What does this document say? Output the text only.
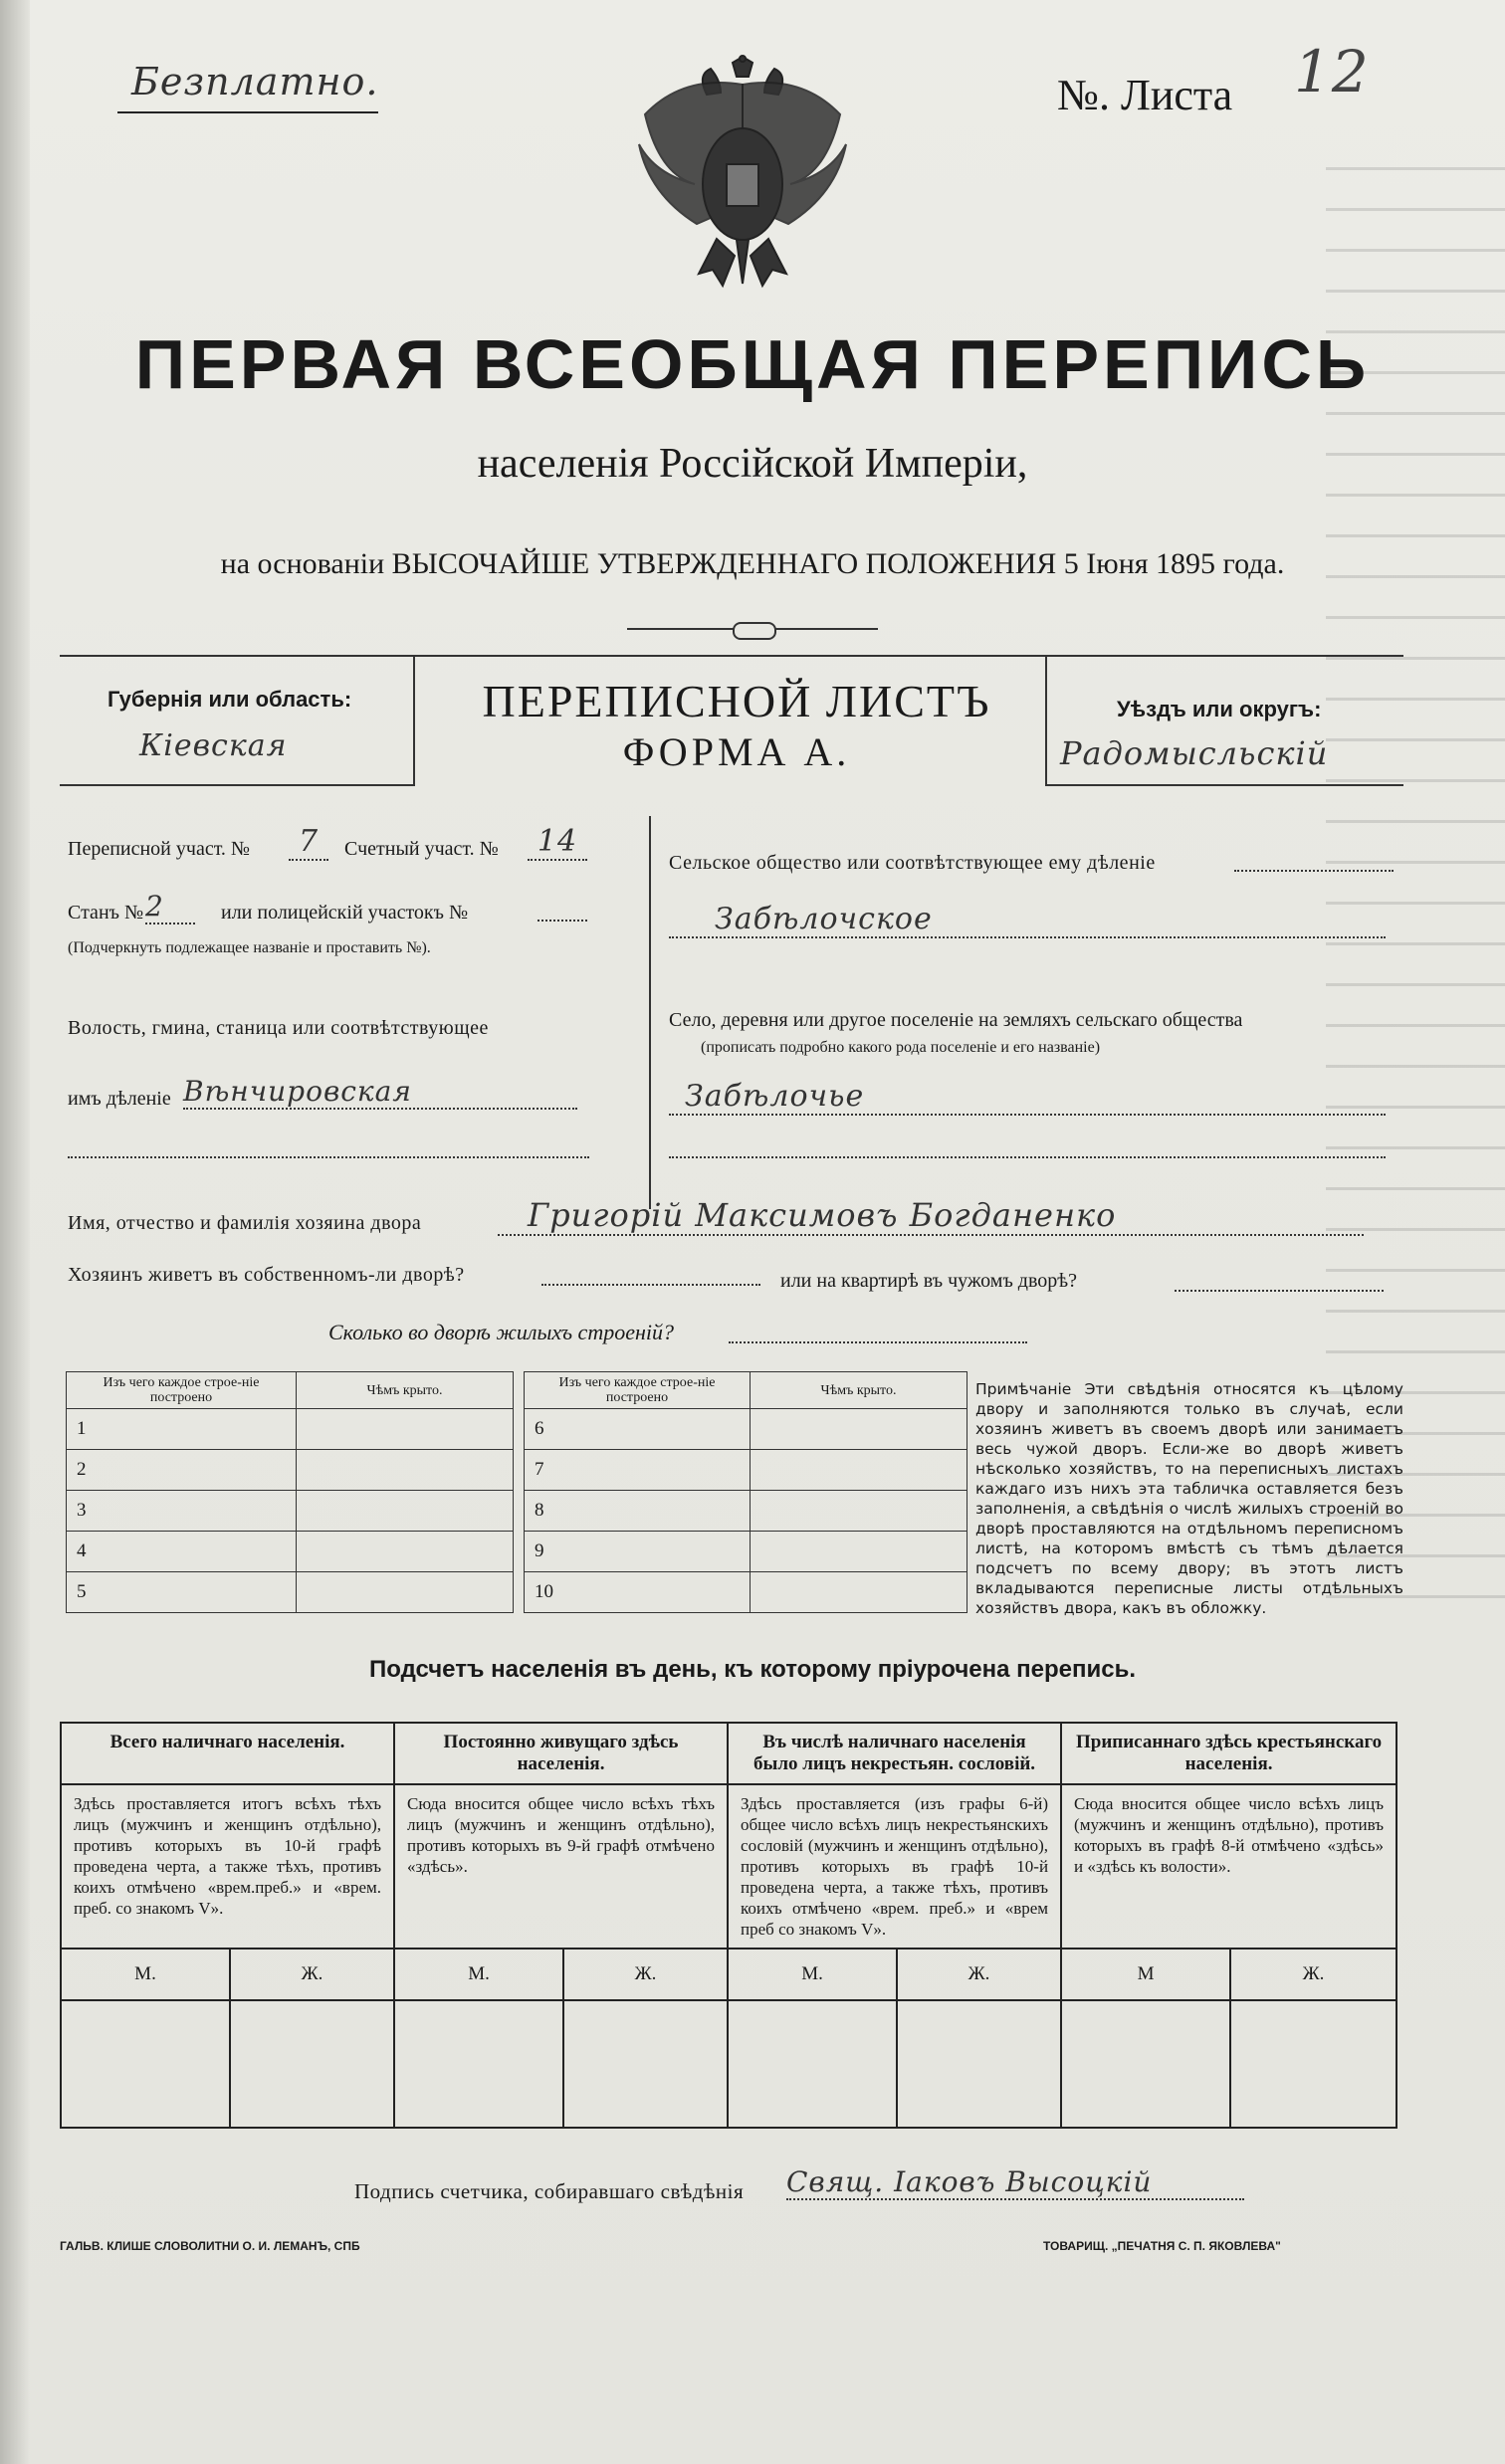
Безплатно.	№. Листа 12
ПЕРВАЯ ВСЕОБЩАЯ ПЕРЕПИСЬ
населенія Россійской Имперіи,
на основаніи ВЫСОЧАЙШЕ УТВЕРЖДЕННАГО ПОЛОЖЕНИЯ 5 Іюня 1895 года.
Губернія или область:
Кіевская
ПЕРЕПИСНОЙ ЛИСТЪ
ФОРМА А.
Уѣздъ или округъ:
Радомысльскій
Переписной участ. №	7	Счетный участ. №	14
Станъ № 2	или полицейскій участокъ №
(Подчеркнуть подлежащее названіе и проставить №).
Волость, гмина, станица или соотвѣтствующее
имъ дѣленіе Вѣнчировская
Сельское общество или соотвѣтствующее ему дѣленіе
Забѣлочское
Село, деревня или другое поселеніе на земляхъ сельскаго общества
(прописать подробно какого рода поселеніе и его названіе)
Забѣлочье
Имя, отчество и фамилія хозяина двора	Григорій Максимовъ Богданенко
Хозяинъ живетъ въ собственномъ-ли дворѣ?	или на квартирѣ въ чужомъ дворѣ?
Сколько во дворѣ жилыхъ строеній?
Изъ чего каждое строе-ніе построено	Чѣмъ крыто.
1	
2	
3	
4	
5	
Изъ чего каждое строе-ніе построено	Чѣмъ крыто.
6	
7	
8	
9	
10	
Примѣчаніе Эти свѣдѣнія относятся къ цѣлому двору и заполняются только въ случаѣ, если хозяинъ живетъ въ своемъ дворѣ или занимаетъ весь чужой дворъ. Если-же во дворѣ живетъ нѣсколько хозяйствъ, то на переписныхъ листахъ каждаго изъ нихъ эта табличка оставляется безъ заполненія, а свѣдѣнія о числѣ жилыхъ строеній во дворѣ проставляются на отдѣльномъ переписномъ листѣ, на которомъ вмѣстѣ съ тѣмъ дѣлается подсчетъ по всему двору; въ этотъ листъ вкладываются переписные листы отдѣльныхъ хозяйствъ двора, какъ въ обложку.
Подсчетъ населенія въ день, къ которому пріурочена перепись.
Всего наличнаго населенія.		Постоянно живущаго здѣсь населенія.		Въ числѣ наличнаго населенія было лицъ некрестьян. сословій.		Приписаннаго здѣсь крестьянскаго населенія.	
Здѣсь проставляется итогъ всѣхъ тѣхъ лицъ (мужчинъ и женщинъ отдѣльно), противъ которыхъ въ 10-й графѣ проведена черта, а также тѣхъ, противъ коихъ отмѣчено «врем.преб.» и «врем. преб. со знакомъ V».		Сюда вносится общее число всѣхъ тѣхъ лицъ (мужчинъ и женщинъ отдѣльно), противъ которыхъ въ 9-й графѣ отмѣчено «здѣсь».		Здѣсь проставляется (изъ графы 6-й) общее число всѣхъ лицъ некрестьянскихъ сословій (мужчинъ и женщинъ отдѣльно), противъ которыхъ въ графѣ 10-й проведена черта, а также тѣхъ, противъ коихъ отмѣчено «врем. преб.» и «врем преб со знакомъ V».		Сюда вносится общее число всѣхъ лицъ (мужчинъ и женщинъ отдѣльно), противъ которыхъ въ графѣ 8-й отмѣчено «здѣсь» и «здѣсь къ волости».	
М.	Ж.	М.	Ж.	М.	Ж.	М	Ж.

Подпись счетчика, собиравшаго свѣдѣнія Свящ. Іаковъ Высоцкій
ГАЛЬВ. КЛИШЕ СЛОВОЛИТНИ О. И. ЛЕМАНЪ, СПБ	ТОВАРИЩ. „ПЕЧАТНЯ С. П. ЯКОВЛЕВА"
